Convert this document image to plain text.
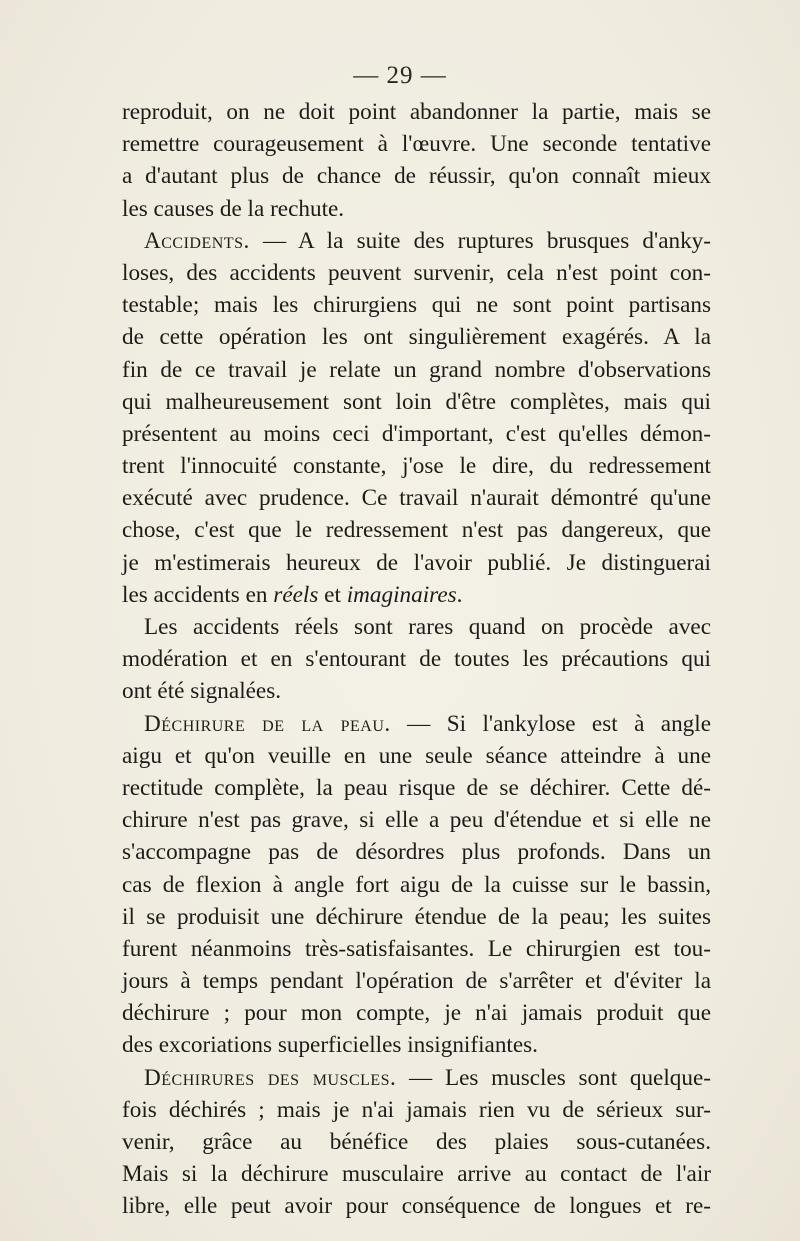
— 29 —
reproduit, on ne doit point abandonner la partie, mais se
remettre courageusement à l'œuvre. Une seconde tentative
a d'autant plus de chance de réussir, qu'on connaît mieux
les causes de la rechute.
Accidents. — A la suite des ruptures brusques d'anky-
loses, des accidents peuvent survenir, cela n'est point con-
testable; mais les chirurgiens qui ne sont point partisans
de cette opération les ont singulièrement exagérés. A la
fin de ce travail je relate un grand nombre d'observations
qui malheureusement sont loin d'être complètes, mais qui
présentent au moins ceci d'important, c'est qu'elles démon-
trent l'innocuité constante, j'ose le dire, du redressement
exécuté avec prudence. Ce travail n'aurait démontré qu'une
chose, c'est que le redressement n'est pas dangereux, que
je m'estimerais heureux de l'avoir publié. Je distinguerai
les accidents en réels et imaginaires.
Les accidents réels sont rares quand on procède avec
modération et en s'entourant de toutes les précautions qui
ont été signalées.
Déchirure de la peau. — Si l'ankylose est à angle
aigu et qu'on veuille en une seule séance atteindre à une
rectitude complète, la peau risque de se déchirer. Cette dé-
chirure n'est pas grave, si elle a peu d'étendue et si elle ne
s'accompagne pas de désordres plus profonds. Dans un
cas de flexion à angle fort aigu de la cuisse sur le bassin,
il se produisit une déchirure étendue de la peau; les suites
furent néanmoins très-satisfaisantes. Le chirurgien est tou-
jours à temps pendant l'opération de s'arrêter et d'éviter la
déchirure ; pour mon compte, je n'ai jamais produit que
des excoriations superficielles insignifiantes.
Déchirures des muscles. — Les muscles sont quelque-
fois déchirés ; mais je n'ai jamais rien vu de sérieux sur-
venir, grâce au bénéfice des plaies sous-cutanées.
Mais si la déchirure musculaire arrive au contact de l'air
libre, elle peut avoir pour conséquence de longues et re-
